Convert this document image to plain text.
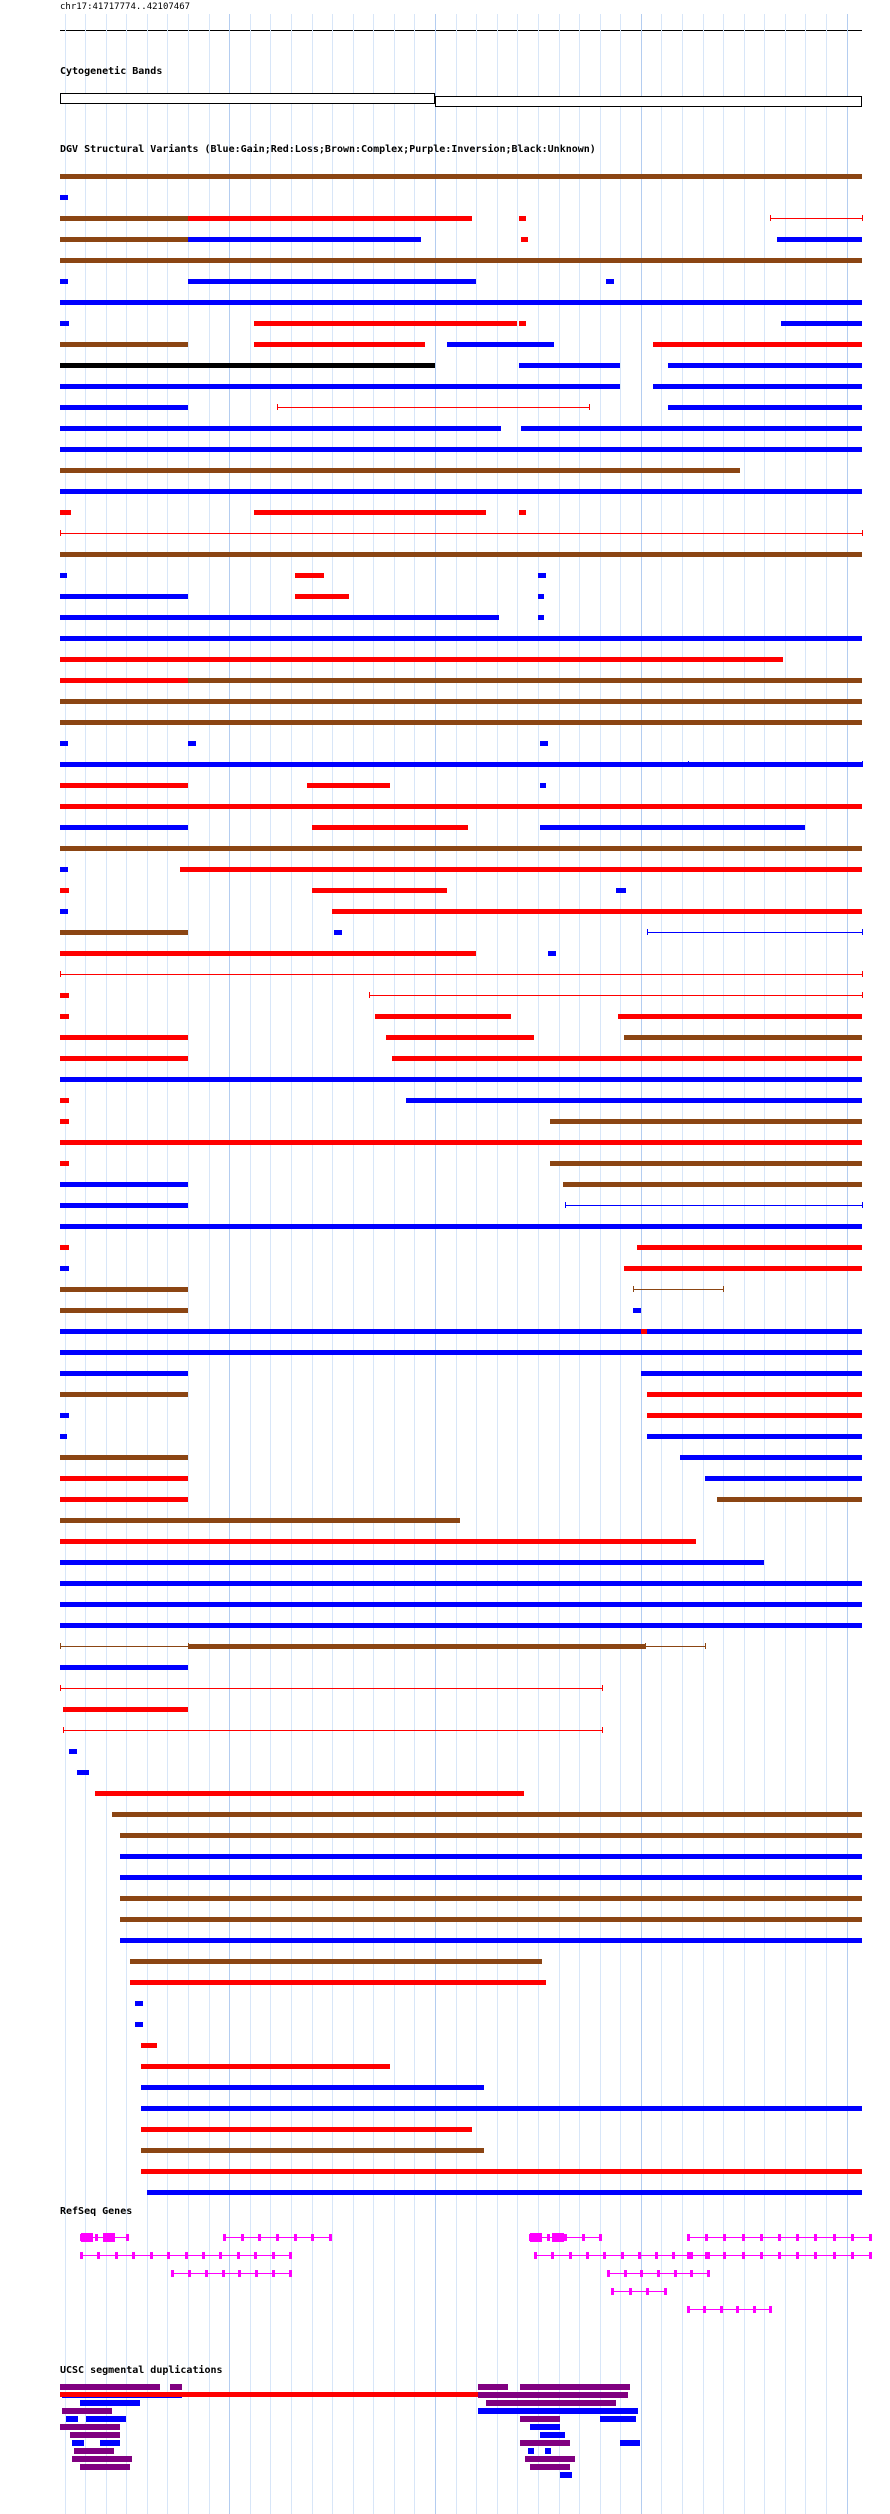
chr17:41717774..42107467
Cytogenetic Bands
DGV Structural Variants (Blue:Gain;Red:Loss;Brown:Complex;Purple:Inversion;Black:Unknown)
RefSeq Genes
UCSC segmental duplications
